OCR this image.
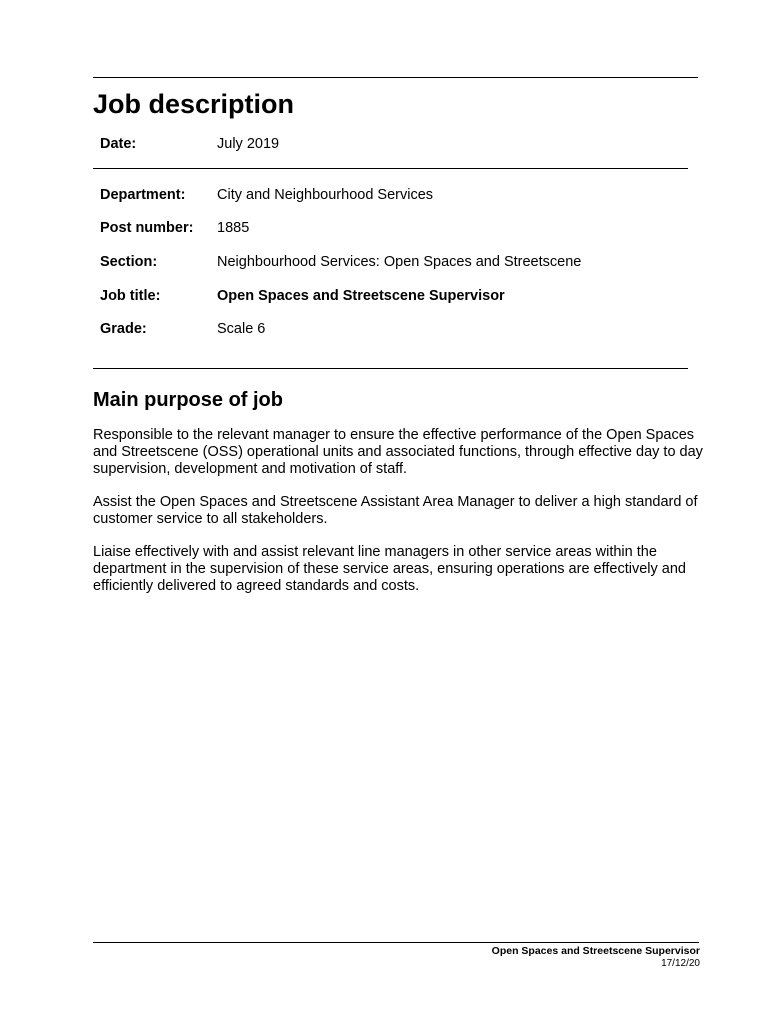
Job description
Date:	July 2019
Department: City and Neighbourhood Services
Post number: 1885
Section:	Neighbourhood Services: Open Spaces and Streetscene
Job title:	Open Spaces and Streetscene Supervisor
Grade:	Scale 6
Main purpose of job

Responsible to the relevant manager to ensure the effective performance of the Open Spaces and Streetscene (OSS) operational units and associated functions, through effective day to day supervision, development and motivation of staff.

Assist the Open Spaces and Streetscene Assistant Area Manager to deliver a high standard of customer service to all stakeholders.

Liaise effectively with and assist relevant line managers in other service areas within the department in the supervision of these service areas, ensuring operations are effectively and efficiently delivered to agreed standards and costs.

Open Spaces and Streetscene Supervisor
17/12/20
